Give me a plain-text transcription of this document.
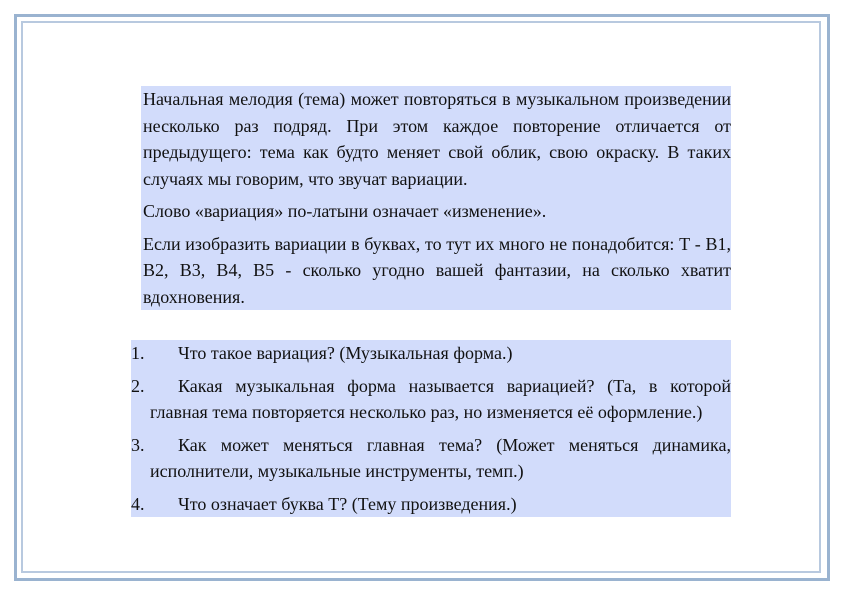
Начальная мелодия (тема) может повторяться в музыкальном произведении несколько раз подряд. При этом каждое повторение отличается от предыдущего: тема как будто меняет свой облик, свою окраску. В таких случаях мы говорим, что звучат вариации.

Слово «вариация» по-латыни означает «изменение».

Если изобразить вариации в буквах, то тут их много не понадобится: Т - В1, В2, В3, В4, В5 - сколько угодно вашей фантазии, на сколько хватит вдохновения.

1. Что такое вариация? (Музыкальная форма.)

2. Какая музыкальная форма называется вариацией? (Та, в которой главная тема повторяется несколько раз, но изменяется её оформление.)

3. Как может меняться главная тема? (Может меняться динамика, исполнители, музыкальные инструменты, темп.)

4. Что означает буква Т? (Тему произведения.)
